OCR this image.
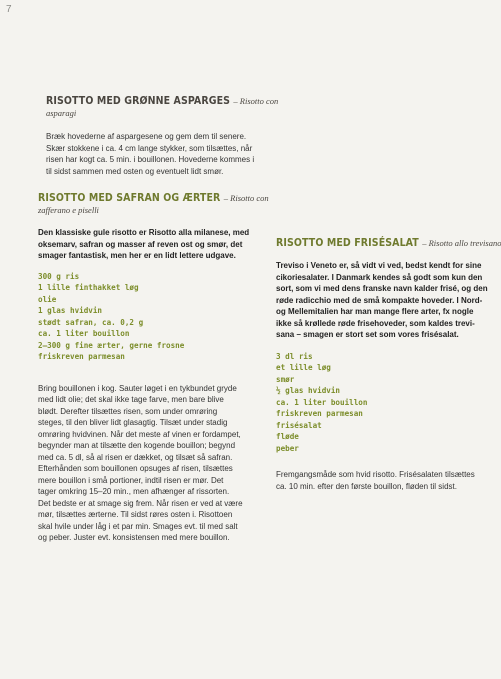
7
RISOTTO MED GRØNNE ASPARGES – Risotto con
asparagi
Bræk hovederne af aspargesene og gem dem til senere.
Skær stokkene i ca. 4 cm lange stykker, som tilsættes, når
risen har kogt ca. 5 min. i bouillonen. Hovederne kommes i
til sidst sammen med osten og eventuelt lidt smør.
RISOTTO MED SAFRAN OG ÆRTER – Risotto con
zafferano e piselli
Den klassiske gule risotto er Risotto alla milanese, med
oksemarv, safran og masser af reven ost og smør, det
smager fantastisk, men her er en lidt lettere udgave.
300 g ris
1 lille finthakket løg
olie
1 glas hvidvin
stødt safran, ca. 0,2 g
ca. 1 liter bouillon
2–300 g fine ærter, gerne frosne
friskreven parmesan
Bring bouillonen i kog. Sauter løget i en tykbundet gryde
med lidt olie; det skal ikke tage farve, men bare blive
blødt. Derefter tilsættes risen, som under omrøring
steges, til den bliver lidt glasagtig. Tilsæt under stadig
omrøring hvidvinen. Når det meste af vinen er fordampet,
begynder man at tilsætte den kogende bouillon; begynd
med ca. 5 dl, så al risen er dækket, og tilsæt så safran.
Efterhånden som bouillonen opsuges af risen, tilsættes
mere bouillon i små portioner, indtil risen er mør. Det
tager omkring 15–20 min., men afhænger af rissorten.
Det bedste er at smage sig frem. Når risen er ved at være
mør, tilsættes ærterne. Til sidst røres osten i. Risottoen
skal hvile under låg i et par min. Smages evt. til med salt
og peber. Juster evt. konsistensen med mere bouillon.
RISOTTO MED FRISÉSALAT – Risotto allo trevisano
Treviso i Veneto er, så vidt vi ved, bedst kendt for sine
cikoriesalater. I Danmark kendes så godt som kun den
sort, som vi med dens franske navn kalder frisé, og den
røde radicchio med de små kompakte hoveder. I Nord-
og Mellemitalien har man mange flere arter, fx nogle
ikke så krøllede røde frisehoveder, som kaldes trevi-
sana – smagen er stort set som vores frisésalat.
3 dl ris
et lille løg
smør
½ glas hvidvin
ca. 1 liter bouillon
friskreven parmesan
frisésalat
fløde
peber
Fremgangsmåde som hvid risotto. Frisésalaten tilsættes
ca. 10 min. efter den første bouillon, fløden til sidst.
